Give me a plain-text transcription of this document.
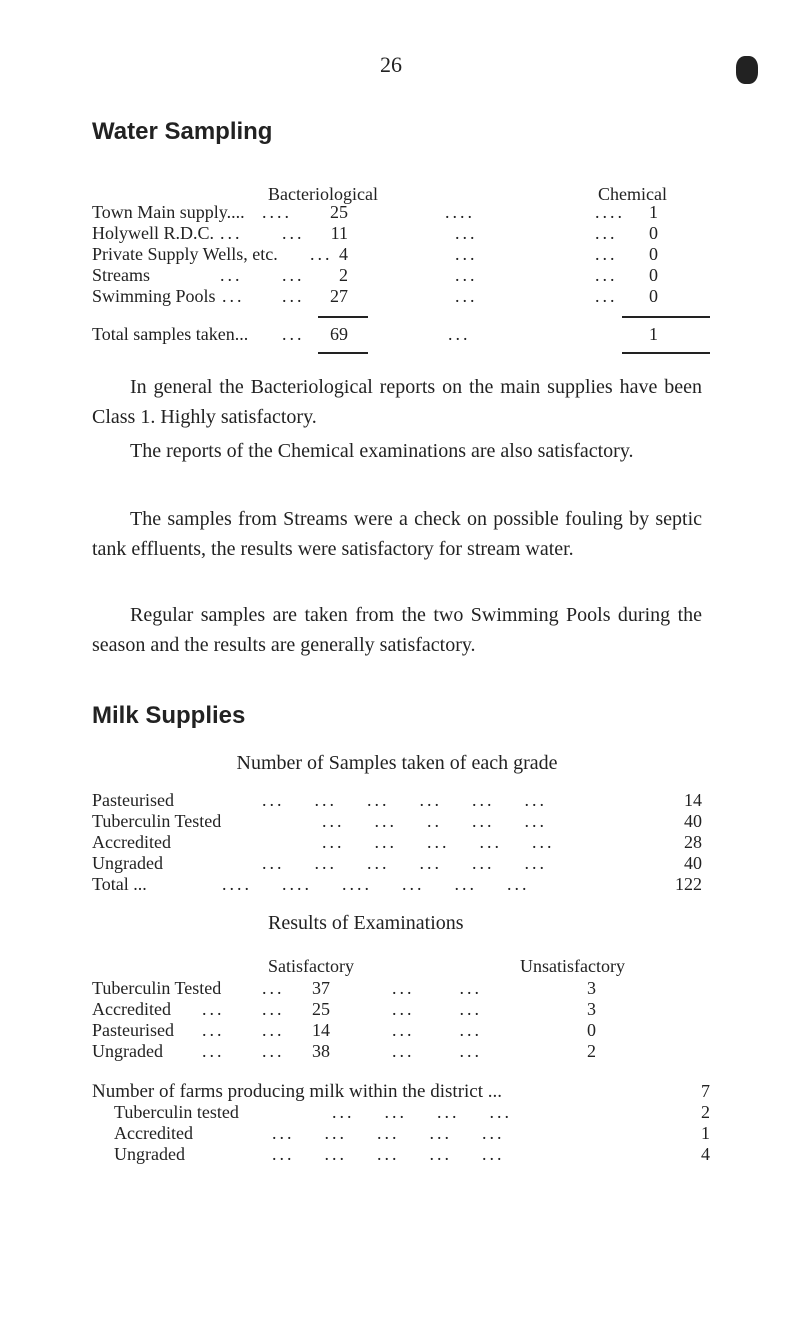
26
Water Sampling
Bacteriological	Chemical
Town Main supply.... ....	25	....	....	1
Holywell R.D.C. ... ...	11	...	...	0
Private Supply Wells, etc. ... 4	...	...	0
Streams	... ...	2	...	...	0
Swimming Pools ... ...	27	...	...	0
Total samples taken... ...	69	...	1
In general the Bacteriological reports on the main supplies have been Class 1. Highly satisfactory.
The reports of the Chemical examinations are also satisfactory.
The samples from Streams were a check on possible fouling by septic tank effluents, the results were satisfactory for stream water.
Regular samples are taken from the two Swimming Pools during the season and the results are generally satisfactory.
Milk Supplies
Number of Samples taken of each grade
Pasteurised	...    ...    ...    ...    ...    ...	14
Tuberculin Tested	...    ...    ..    ...    ...	40
Accredited	...    ...    ...    ...    ...	28
Ungraded	...    ...    ...    ...    ...    ...	40
Total ...	....    ....    ....    ...    ...    ...	122
Results of Examinations
Satisfactory	Unsatisfactory
Tuberculin Tested ...	37	...      ...	3
Accredited ...     ...	25	...      ...	3
Pasteurised ...     ...	14	...      ...	0
Ungraded ...     ...	38	...      ...	2
Number of farms producing milk within the district ...	7
Tuberculin tested	...    ...    ...    ...	2
Accredited	...    ...    ...    ...    ...	1
Ungraded	...    ...    ...    ...    ...	4
